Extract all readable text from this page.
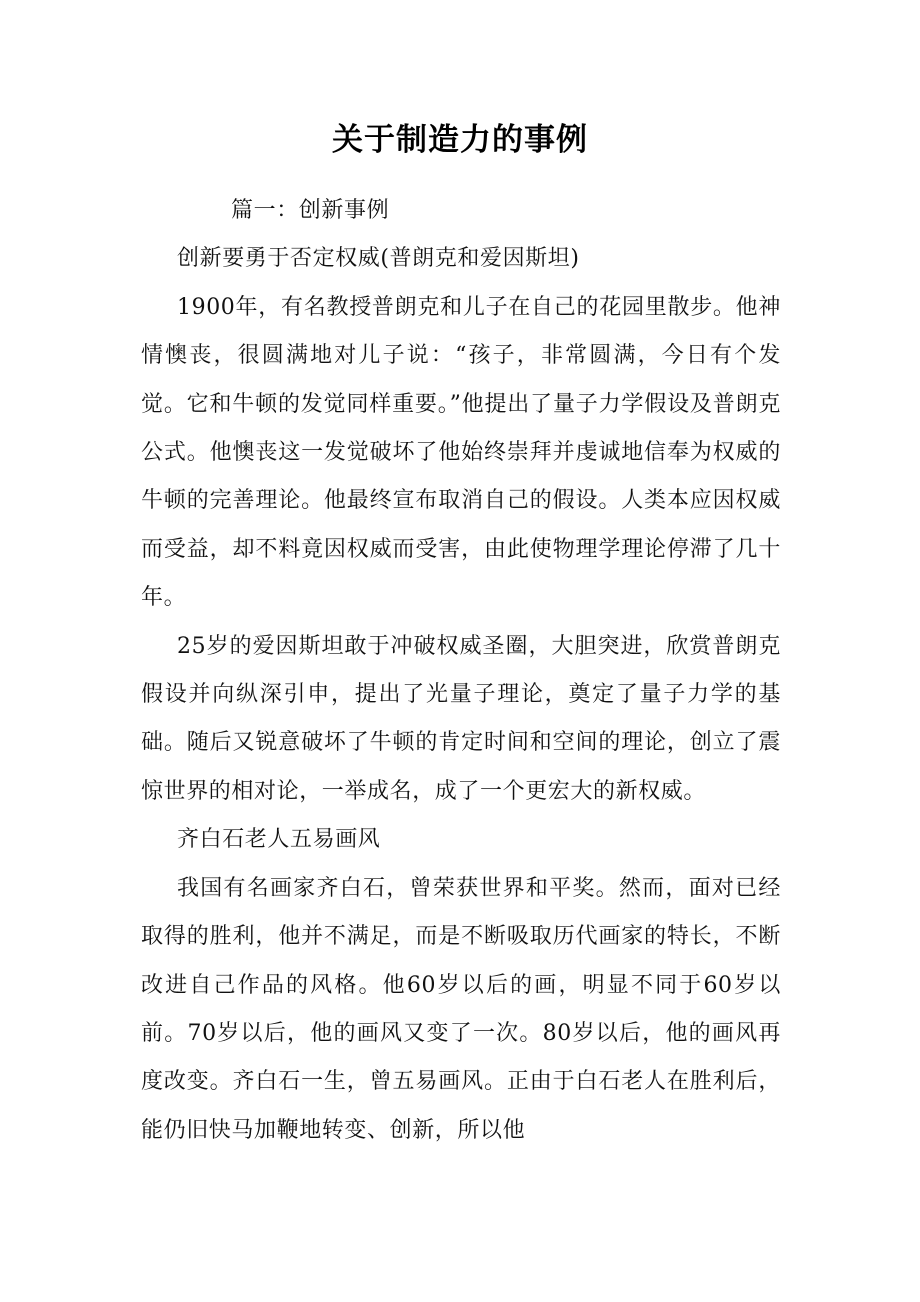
关于制造力的事例

篇一：创新事例

创新要勇于否定权威(普朗克和爱因斯坦)

1900年，有名教授普朗克和儿子在自己的花园里散步。他神情懊丧，很圆满地对儿子说：“孩子，非常圆满，今日有个发觉。它和牛顿的发觉同样重要。”他提出了量子力学假设及普朗克公式。他懊丧这一发觉破坏了他始终崇拜并虔诚地信奉为权威的牛顿的完善理论。他最终宣布取消自己的假设。人类本应因权威而受益，却不料竟因权威而受害，由此使物理学理论停滞了几十年。

25岁的爱因斯坦敢于冲破权威圣圈，大胆突进，欣赏普朗克假设并向纵深引申，提出了光量子理论，奠定了量子力学的基础。随后又锐意破坏了牛顿的肯定时间和空间的理论，创立了震惊世界的相对论，一举成名，成了一个更宏大的新权威。

齐白石老人五易画风

我国有名画家齐白石，曾荣获世界和平奖。然而，面对已经取得的胜利，他并不满足，而是不断吸取历代画家的特长，不断改进自己作品的风格。他60岁以后的画，明显不同于60岁以前。70岁以后，他的画风又变了一次。80岁以后，他的画风再度改变。齐白石一生，曾五易画风。正由于白石老人在胜利后，能仍旧快马加鞭地转变、创新，所以他
